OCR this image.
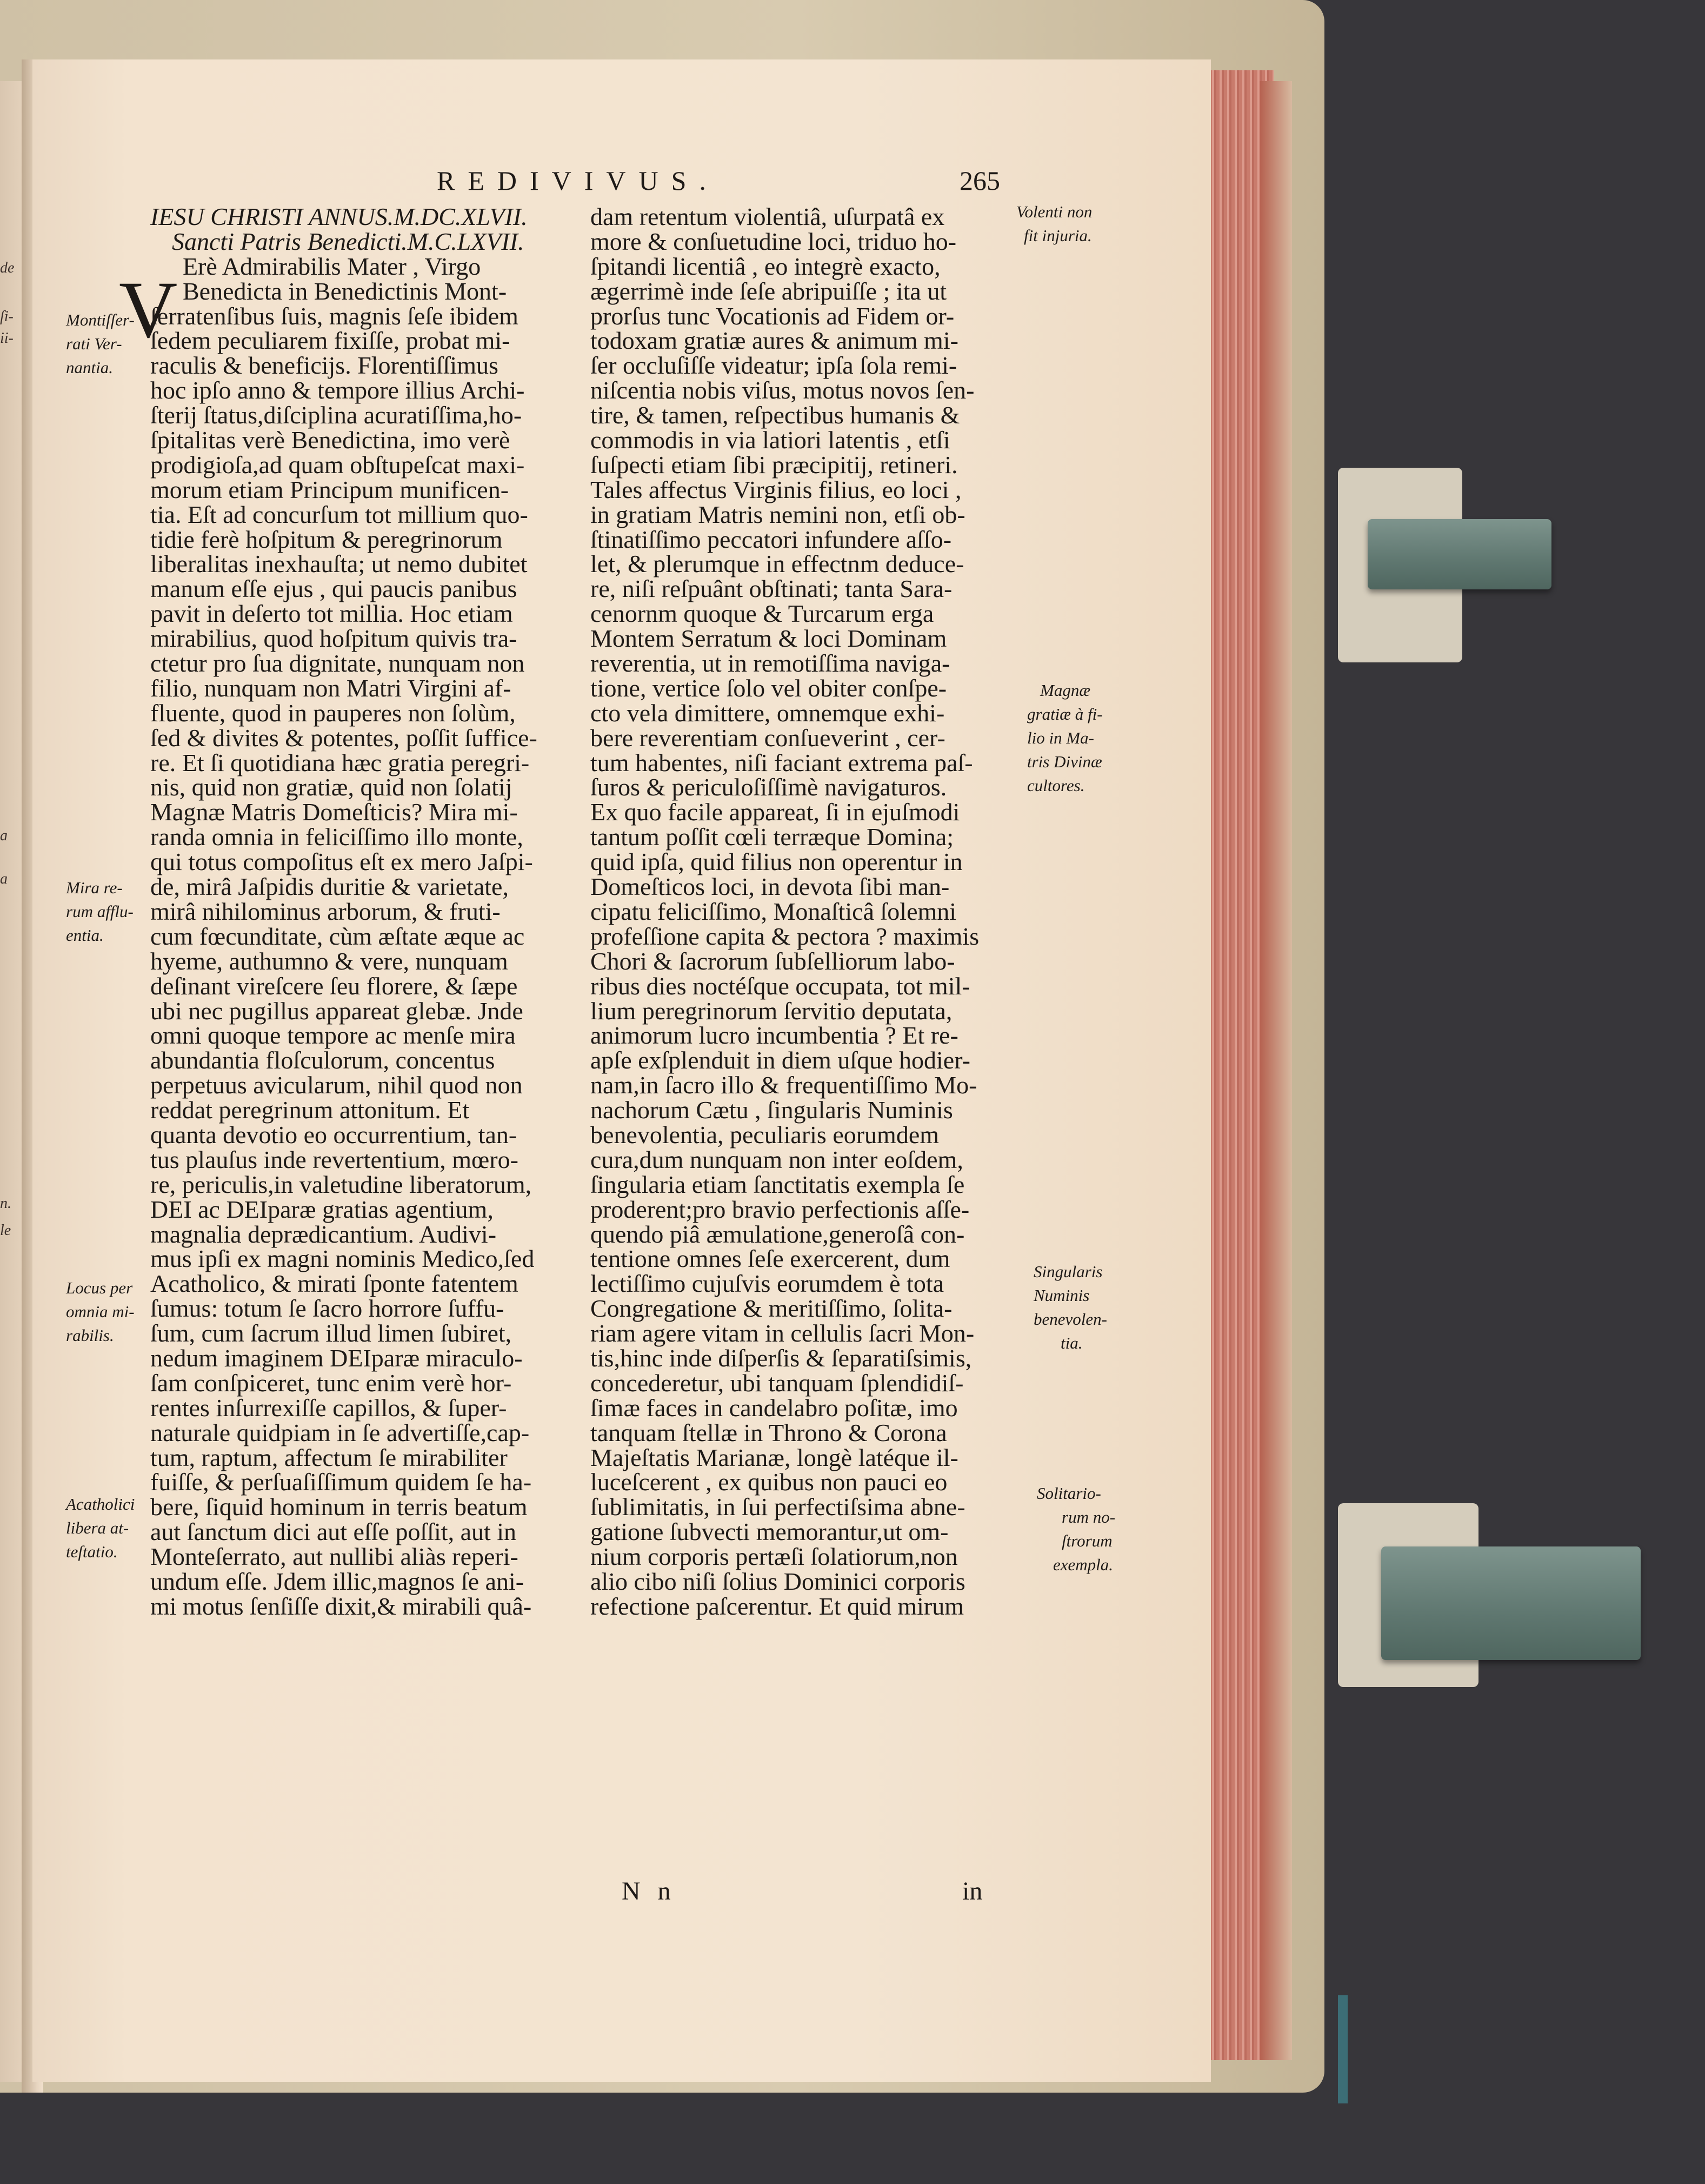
de
ſi-
ii-
a
a
n.
le
REDIVIVUS.	265
V
IESU CHRISTI ANNUS.M.DC.XLVII.
Sancti Patris Benedicti.M.C.LXVII.
Erè Admirabilis Mater , Virgo
Benedicta in Benedictinis Mont-
ſerratenſibus ſuis, magnis ſeſe ibidem
ſedem peculiarem fixiſſe, probat mi-
raculis & beneficijs. Florentiſſimus
hoc ipſo anno & tempore illius Archi-
ſterij ſtatus,diſciplina acuratiſſima,ho-
ſpitalitas verè Benedictina, imo verè
prodigioſa,ad quam obſtupeſcat maxi-
morum etiam Principum munificen-
tia. Eſt ad concurſum tot millium quo-
tidie ferè hoſpitum & peregrinorum
liberalitas inexhauſta; ut nemo dubitet
manum eſſe ejus , qui paucis panibus
pavit in deſerto tot millia. Hoc etiam
mirabilius, quod hoſpitum quivis tra-
ctetur pro ſua dignitate, nunquam non
filio, nunquam non Matri Virgini af-
fluente, quod in pauperes non ſolùm,
ſed & divites & potentes, poſſit ſuffice-
re. Et ſi quotidiana hæc gratia peregri-
nis, quid non gratiæ, quid non ſolatij
Magnæ Matris Domeſticis? Mira mi-
randa omnia in feliciſſimo illo monte,
qui totus compoſitus eſt ex mero Jaſpi-
de, mirâ Jaſpidis duritie & varietate,
mirâ nihilominus arborum, & fruti-
cum fœcunditate, cùm æſtate æque ac
hyeme, authumno & vere, nunquam
deſinant vireſcere ſeu florere, & ſæpe
ubi nec pugillus appareat glebæ. Jnde
omni quoque tempore ac menſe mira
abundantia floſculorum, concentus
perpetuus avicularum, nihil quod non
reddat peregrinum attonitum. Et
quanta devotio eo occurrentium, tan-
tus plauſus inde revertentium, mœro-
re, periculis,in valetudine liberatorum,
DEI ac DEIparæ gratias agentium,
magnalia deprædicantium. Audivi-
mus ipſi ex magni nominis Medico,ſed
Acatholico, & mirati ſponte fatentem
ſumus: totum ſe ſacro horrore ſuffu-
ſum, cum ſacrum illud limen ſubiret,
nedum imaginem DEIparæ miraculo-
ſam conſpiceret, tunc enim verè hor-
rentes inſurrexiſſe capillos, & ſuper-
naturale quidpiam in ſe advertiſſe,cap-
tum, raptum, affectum ſe mirabiliter
fuiſſe, & perſuaſiſſimum quidem ſe ha-
bere, ſiquid hominum in terris beatum
aut ſanctum dici aut eſſe poſſit, aut in
Monteſerrato, aut nullibi aliàs reperi-
undum eſſe. Jdem illic,magnos ſe ani-
mi motus ſenſiſſe dixit,& mirabili quâ-
dam retentum violentiâ, uſurpatâ ex
more & conſuetudine loci, triduo ho-
ſpitandi licentiâ , eo integrè exacto,
ægerrimè inde ſeſe abripuiſſe ; ita ut
prorſus tunc Vocationis ad Fidem or-
todoxam gratiæ aures & animum mi-
ſer occluſiſſe videatur; ipſa ſola remi-
niſcentia nobis viſus, motus novos ſen-
tire, & tamen, reſpectibus humanis &
commodis in via latiori latentis , etſi
ſuſpecti etiam ſibi præcipitij, retineri.
Tales affectus Virginis filius, eo loci ,
in gratiam Matris nemini non, etſi ob-
ſtinatiſſimo peccatori infundere aſſo-
let, & plerumque in effectnm deduce-
re, niſi reſpuânt obſtinati; tanta Sara-
cenornm quoque & Turcarum erga
Montem Serratum & loci Dominam
reverentia, ut in remotiſſima naviga-
tione, vertice ſolo vel obiter conſpe-
cto vela dimittere, omnemque exhi-
bere reverentiam conſueverint , cer-
tum habentes, niſi faciant extrema paſ-
ſuros & periculoſiſſimè navigaturos.
Ex quo facile appareat, ſi in ejuſmodi
tantum poſſit cœli terræque Domina;
quid ipſa, quid filius non operentur in
Domeſticos loci, in devota ſibi man-
cipatu feliciſſimo, Monaſticâ ſolemni
profeſſione capita & pectora ? maximis
Chori & ſacrorum ſubſelliorum labo-
ribus dies noctéſque occupata, tot mil-
lium peregrinorum ſervitio deputata,
animorum lucro incumbentia ? Et re-
apſe exſplenduit in diem uſque hodier-
nam,in ſacro illo & frequentiſſimo Mo-
nachorum Cætu , ſingularis Numinis
benevolentia, peculiaris eorumdem
cura,dum nunquam non inter eoſdem,
ſingularia etiam ſanctitatis exempla ſe
proderent;pro bravio perfectionis aſſe-
quendo piâ æmulatione,generoſâ con-
tentione omnes ſeſe exercerent, dum
lectiſſimo cujuſvis eorumdem è tota
Congregatione & meritiſſimo, ſolita-
riam agere vitam in cellulis ſacri Mon-
tis,hinc inde diſperſis & ſeparatiſsimis,
concederetur, ubi tanquam ſplendidiſ-
ſimæ faces in candelabro poſitæ, imo
tanquam ſtellæ in Throno & Corona
Majeſtatis Marianæ, longè latéque il-
luceſcerent , ex quibus non pauci eo
ſublimitatis, in ſui perfectiſsima abne-
gatione ſubvecti memorantur,ut om-
nium corporis pertæſi ſolatiorum,non
alio cibo niſi ſolius Dominici corporis
refectione paſcerentur. Et quid mirum
N n	in
Montiſſer-
rati Ver-
nantia.
Mira re-
rum afflu-
entia.
Locus per
omnia mi-
rabilis.
Acatholici
libera at-
teſtatio.
Volenti non
fit injuria.
Magnæ
gratiæ à fi-
lio in Ma-
tris Divinæ
cultores.
Singularis
Numinis
benevolen-
tia.
Solitario-
rum no-
ſtrorum
exempla.
